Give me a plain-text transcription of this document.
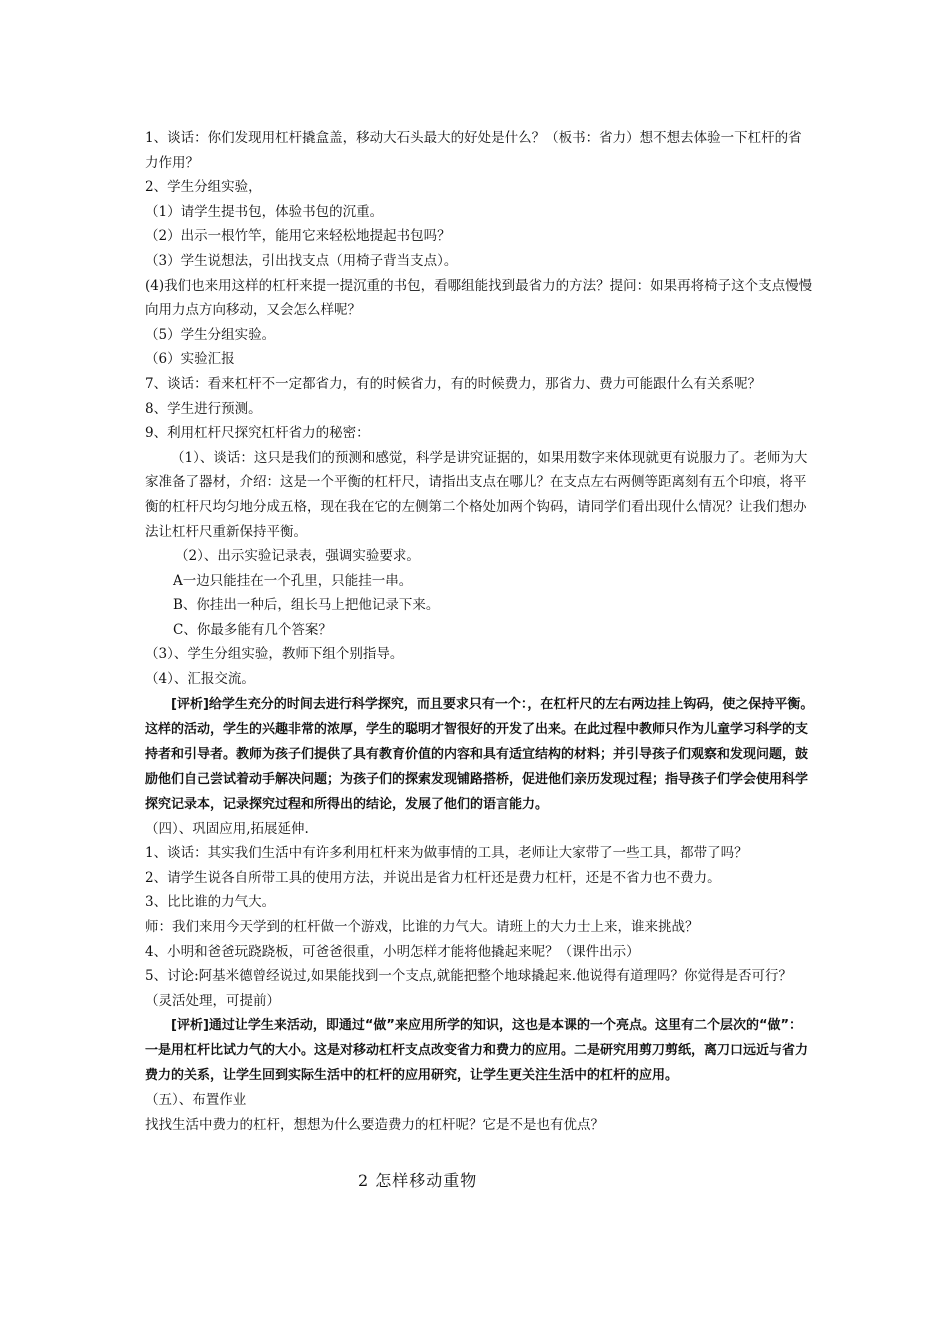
1、谈话：你们发现用杠杆撬盒盖，移动大石头最大的好处是什么？（板书：省力）想不想去体验一下杠杆的省力作用？

2、学生分组实验，

（1）请学生提书包，体验书包的沉重。

（2）出示一根竹竿，能用它来轻松地提起书包吗？

（3）学生说想法，引出找支点（用椅子背当支点）。

(4)我们也来用这样的杠杆来提一提沉重的书包，看哪组能找到最省力的方法？提问：如果再将椅子这个支点慢慢向用力点方向移动，又会怎么样呢？

（5）学生分组实验。

（6）实验汇报

7、谈话：看来杠杆不一定都省力，有的时候省力，有的时候费力，那省力、费力可能跟什么有关系呢？

8、学生进行预测。

9、利用杠杆尺探究杠杆省力的秘密：

（1）、谈话：这只是我们的预测和感觉，科学是讲究证据的，如果用数字来体现就更有说服力了。老师为大家准备了器材，介绍：这是一个平衡的杠杆尺，请指出支点在哪儿？在支点左右两侧等距离刻有五个印痕，将平衡的杠杆尺均匀地分成五格，现在我在它的左侧第二个格处加两个钩码，请同学们看出现什么情况？让我们想办法让杠杆尺重新保持平衡。

（2）、出示实验记录表，强调实验要求。

A一边只能挂在一个孔里，只能挂一串。

B、你挂出一种后，组长马上把他记录下来。

C、你最多能有几个答案？

（3）、学生分组实验，教师下组个别指导。

（4）、汇报交流。

[评析]给学生充分的时间去进行科学探究，而且要求只有一个：，在杠杆尺的左右两边挂上钩码，使之保持平衡。这样的活动，学生的兴趣非常的浓厚，学生的聪明才智很好的开发了出来。在此过程中教师只作为儿童学习科学的支持者和引导者。教师为孩子们提供了具有教育价值的内容和具有适宜结构的材料；并引导孩子们观察和发现问题，鼓励他们自己尝试着动手解决问题；为孩子们的探索发现铺路搭桥，促进他们亲历发现过程；指导孩子们学会使用科学探究记录本，记录探究过程和所得出的结论，发展了他们的语言能力。

（四）、巩固应用,拓展延伸.

1、谈话：其实我们生活中有许多利用杠杆来为做事情的工具，老师让大家带了一些工具，都带了吗？

2、请学生说各自所带工具的使用方法，并说出是省力杠杆还是费力杠杆，还是不省力也不费力。

3、比比谁的力气大。

师：我们来用今天学到的杠杆做一个游戏，比谁的力气大。请班上的大力士上来，谁来挑战？

4、小明和爸爸玩跷跷板，可爸爸很重，小明怎样才能将他撬起来呢？（课件出示）

5、讨论:阿基米德曾经说过,如果能找到一个支点,就能把整个地球撬起来.他说得有道理吗？你觉得是否可行？ （灵活处理，可提前）

[评析]通过让学生来活动，即通过“做”来应用所学的知识，这也是本课的一个亮点。这里有二个层次的“做”：一是用杠杆比试力气的大小。这是对移动杠杆支点改变省力和费力的应用。二是研究用剪刀剪纸，离刀口远近与省力费力的关系，让学生回到实际生活中的杠杆的应用研究，让学生更关注生活中的杠杆的应用。

（五）、布置作业

找找生活中费力的杠杆，想想为什么要造费力的杠杆呢？它是不是也有优点？

2 怎样移动重物
